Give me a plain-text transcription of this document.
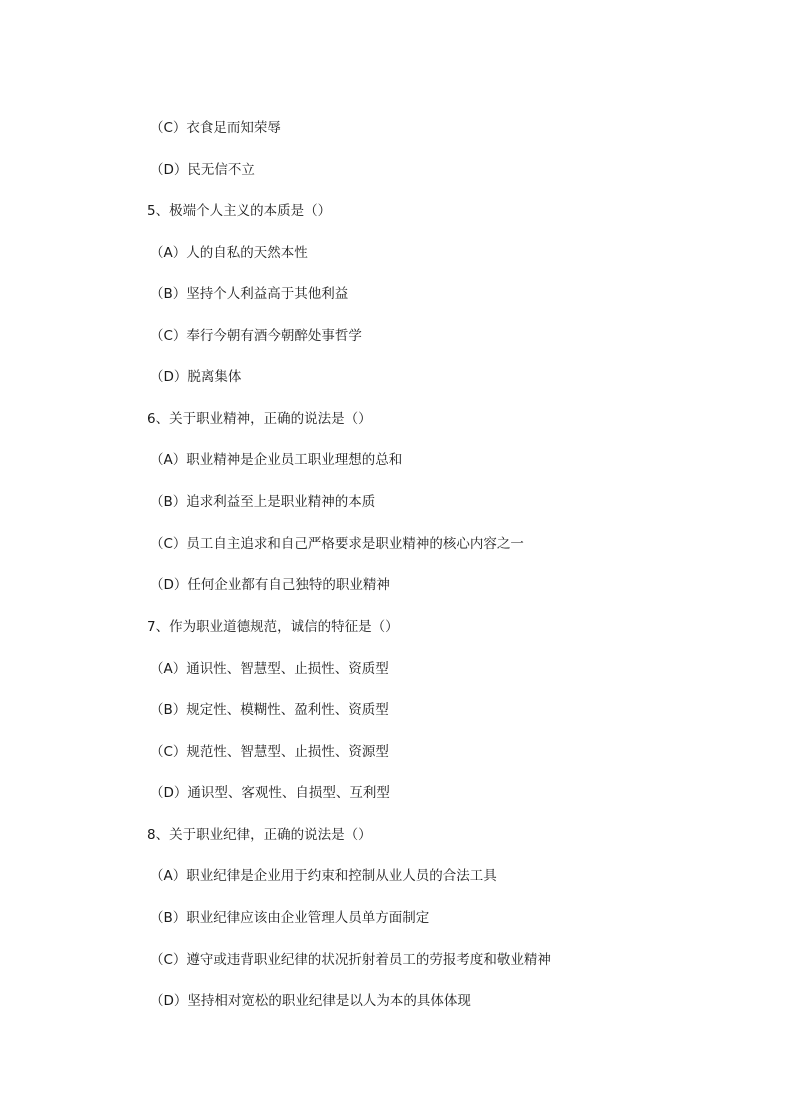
（C）衣食足而知荣辱
（D）民无信不立
5、极端个人主义的本质是（）
（A）人的自私的天然本性
（B）坚持个人利益高于其他利益
（C）奉行今朝有酒今朝醉处事哲学
（D）脱离集体
6、关于职业精神，正确的说法是（）
（A）职业精神是企业员工职业理想的总和
（B）追求利益至上是职业精神的本质
（C）员工自主追求和自己严格要求是职业精神的核心内容之一
（D）任何企业都有自己独特的职业精神
7、作为职业道德规范，诚信的特征是（）
（A）通识性、智慧型、止损性、资质型
（B）规定性、模糊性、盈利性、资质型
（C）规范性、智慧型、止损性、资源型
（D）通识型、客观性、自损型、互利型
8、关于职业纪律，正确的说法是（）
（A）职业纪律是企业用于约束和控制从业人员的合法工具
（B）职业纪律应该由企业管理人员单方面制定
（C）遵守或违背职业纪律的状况折射着员工的劳报考度和敬业精神
（D）坚持相对宽松的职业纪律是以人为本的具体体现
